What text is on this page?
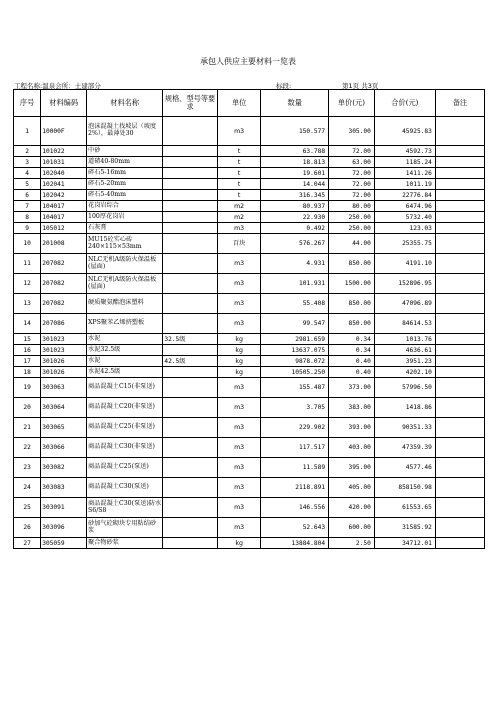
承包人供应主要材料一览表
工程名称:温泉会所：土建部分	标段:	第1页 共3页
序号	材料编码	材料名称	规格、型号等要求	单位	数量	单价(元)	合价(元)	备注
1	10000F	泡沫混凝土找坡层（坡度2%），最薄处30		m3	150.577	305.00	45925.83	
2	101022	中砂		t	63.788	72.00	4592.73	
3	101031	道碴40-80mm		t	18.813	63.00	1185.24	
4	102040	碎石5-16mm		t	19.601	72.00	1411.26	
5	102041	碎石5-20mm		t	14.044	72.00	1011.19	
6	102042	碎石5-40mm		t	316.345	72.00	22776.84	
7	104017	花岗岩综合		m2	80.937	80.00	6474.96	
8	104017	100厚花岗岩		m2	22.930	250.00	5732.40	
9	105012	石灰膏		m3	0.492	250.00	123.03	
10	201008	MU15砼实心砖240×115×53mm		百块	576.267	44.00	25355.75	
11	207082	NLC无机A级防火保温板(屋面)		m3	4.931	850.00	4191.10	
12	207082	NLC无机A级防火保温板(屋面)		m3	101.931	1500.00	152896.95	
13	207082	硬质聚氨酯泡沫塑料		m3	55.408	850.00	47096.89	
14	207086	XPS聚苯乙烯挤塑板		m3	99.547	850.00	84614.53	
15	301023	水泥	32.5级	kg	2981.659	0.34	1013.76	
16	301023	水泥32.5级		kg	13637.075	0.34	4636.61	
17	301026	水泥	42.5级	kg	9878.072	0.40	3951.23	
18	301026	水泥42.5级		kg	10505.250	0.40	4202.10	
19	303063	商品混凝土C15(非泵送)		m3	155.487	373.00	57996.50	
20	303064	商品混凝土C20(非泵送)		m3	3.705	383.00	1418.86	
21	303065	商品混凝土C25(非泵送)		m3	229.902	393.00	90351.33	
22	303066	商品混凝土C30(非泵送)		m3	117.517	403.00	47359.39	
23	303082	商品混凝土C25(泵送)		m3	11.589	395.00	4577.46	
24	303083	商品混凝土C30(泵送)		m3	2118.891	405.00	858150.98	
25	303091	商品混凝土C30(泵送)防水S6/S8		m3	146.556	420.00	61553.65	
26	303096	砂加气砼砌块专用粘结砂浆		m3	52.643	600.00	31585.92	
27	305059	聚合物砂浆		kg	13884.804	2.50	34712.01	
